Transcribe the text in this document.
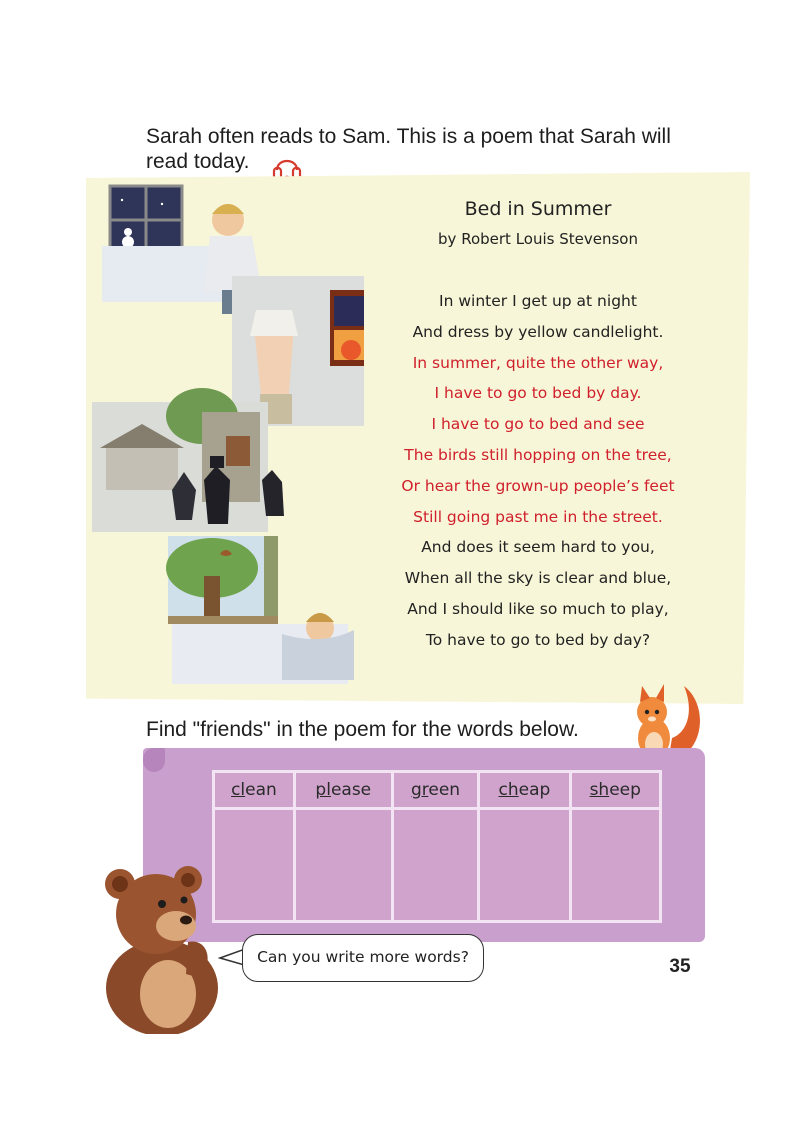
Sarah often reads to Sam. This is a poem that Sarah will
read today.
Bed in Summer
by Robert Louis Stevenson
In winter I get up at night
And dress by yellow candlelight.
In summer, quite the other way,
I have to go to bed by day.
I have to go to bed and see
The birds still hopping on the tree,
Or hear the grown-up people’s feet
Still going past me in the street.
And does it seem hard to you,
When all the sky is clear and blue,
And I should like so much to play,
To have to go to bed by day?
Find "friends" in the poem for the words below.
clean	please	green	cheap	sheep

Can you write more words?	35
